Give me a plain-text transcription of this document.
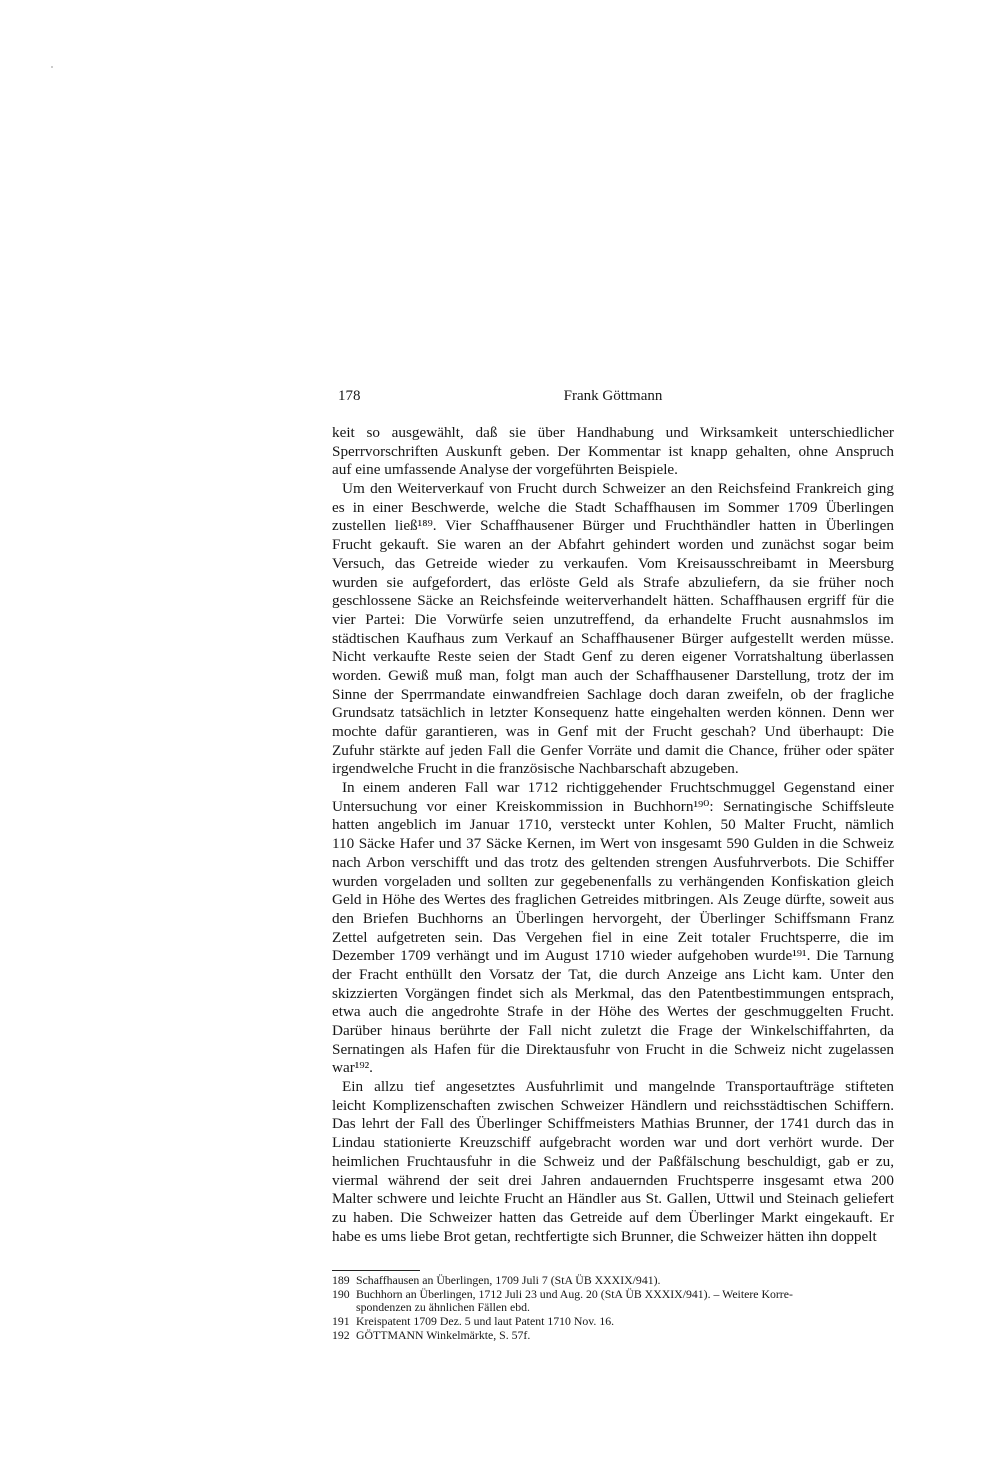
178	Frank Göttmann
keit so ausgewählt, daß sie über Handhabung und Wirksamkeit unterschiedlicher
Sperrvorschriften Auskunft geben. Der Kommentar ist knapp gehalten, ohne Anspruch
auf eine umfassende Analyse der vorgeführten Beispiele.
Um den Weiterverkauf von Frucht durch Schweizer an den Reichsfeind Frankreich ging
es in einer Beschwerde, welche die Stadt Schaffhausen im Sommer 1709 Überlingen
zustellen ließ¹⁸⁹. Vier Schaffhausener Bürger und Fruchthändler hatten in Überlingen
Frucht gekauft. Sie waren an der Abfahrt gehindert worden und zunächst sogar beim
Versuch, das Getreide wieder zu verkaufen. Vom Kreisausschreibamt in Meersburg
wurden sie aufgefordert, das erlöste Geld als Strafe abzuliefern, da sie früher noch
geschlossene Säcke an Reichsfeinde weiterverhandelt hätten. Schaffhausen ergriff für die
vier Partei: Die Vorwürfe seien unzutreffend, da erhandelte Frucht ausnahmslos im
städtischen Kaufhaus zum Verkauf an Schaffhausener Bürger aufgestellt werden müsse.
Nicht verkaufte Reste seien der Stadt Genf zu deren eigener Vorratshaltung überlassen
worden. Gewiß muß man, folgt man auch der Schaffhausener Darstellung, trotz der im
Sinne der Sperrmandate einwandfreien Sachlage doch daran zweifeln, ob der fragliche
Grundsatz tatsächlich in letzter Konsequenz hatte eingehalten werden können. Denn wer
mochte dafür garantieren, was in Genf mit der Frucht geschah? Und überhaupt: Die
Zufuhr stärkte auf jeden Fall die Genfer Vorräte und damit die Chance, früher oder später
irgendwelche Frucht in die französische Nachbarschaft abzugeben.
In einem anderen Fall war 1712 richtiggehender Fruchtschmuggel Gegenstand einer
Untersuchung vor einer Kreiskommission in Buchhorn¹⁹⁰: Sernatingische Schiffsleute
hatten angeblich im Januar 1710, versteckt unter Kohlen, 50 Malter Frucht, nämlich
110 Säcke Hafer und 37 Säcke Kernen, im Wert von insgesamt 590 Gulden in die Schweiz
nach Arbon verschifft und das trotz des geltenden strengen Ausfuhrverbots. Die Schiffer
wurden vorgeladen und sollten zur gegebenenfalls zu verhängenden Konfiskation gleich
Geld in Höhe des Wertes des fraglichen Getreides mitbringen. Als Zeuge dürfte, soweit aus
den Briefen Buchhorns an Überlingen hervorgeht, der Überlinger Schiffsmann Franz
Zettel aufgetreten sein. Das Vergehen fiel in eine Zeit totaler Fruchtsperre, die im
Dezember 1709 verhängt und im August 1710 wieder aufgehoben wurde¹⁹¹. Die Tarnung
der Fracht enthüllt den Vorsatz der Tat, die durch Anzeige ans Licht kam. Unter den
skizzierten Vorgängen findet sich als Merkmal, das den Patentbestimmungen entsprach,
etwa auch die angedrohte Strafe in der Höhe des Wertes der geschmuggelten Frucht.
Darüber hinaus berührte der Fall nicht zuletzt die Frage der Winkelschiffahrten, da
Sernatingen als Hafen für die Direktausfuhr von Frucht in die Schweiz nicht zugelassen
war¹⁹².
Ein allzu tief angesetztes Ausfuhrlimit und mangelnde Transportaufträge stifteten
leicht Komplizenschaften zwischen Schweizer Händlern und reichsstädtischen Schiffern.
Das lehrt der Fall des Überlinger Schiffmeisters Mathias Brunner, der 1741 durch das in
Lindau stationierte Kreuzschiff aufgebracht worden war und dort verhört wurde. Der
heimlichen Fruchtausfuhr in die Schweiz und der Paßfälschung beschuldigt, gab er zu,
viermal während der seit drei Jahren andauernden Fruchtsperre insgesamt etwa 200
Malter schwere und leichte Frucht an Händler aus St. Gallen, Uttwil und Steinach geliefert
zu haben. Die Schweizer hatten das Getreide auf dem Überlinger Markt eingekauft. Er
habe es ums liebe Brot getan, rechtfertigte sich Brunner, die Schweizer hätten ihn doppelt
189 Schaffhausen an Überlingen, 1709 Juli 7 (StA ÜB XXXIX/941).
190 Buchhorn an Überlingen, 1712 Juli 23 und Aug. 20 (StA ÜB XXXIX/941). – Weitere Korre-
spondenzen zu ähnlichen Fällen ebd.
191 Kreispatent 1709 Dez. 5 und laut Patent 1710 Nov. 16.
192 GÖTTMANN Winkelmärkte, S. 57f.
